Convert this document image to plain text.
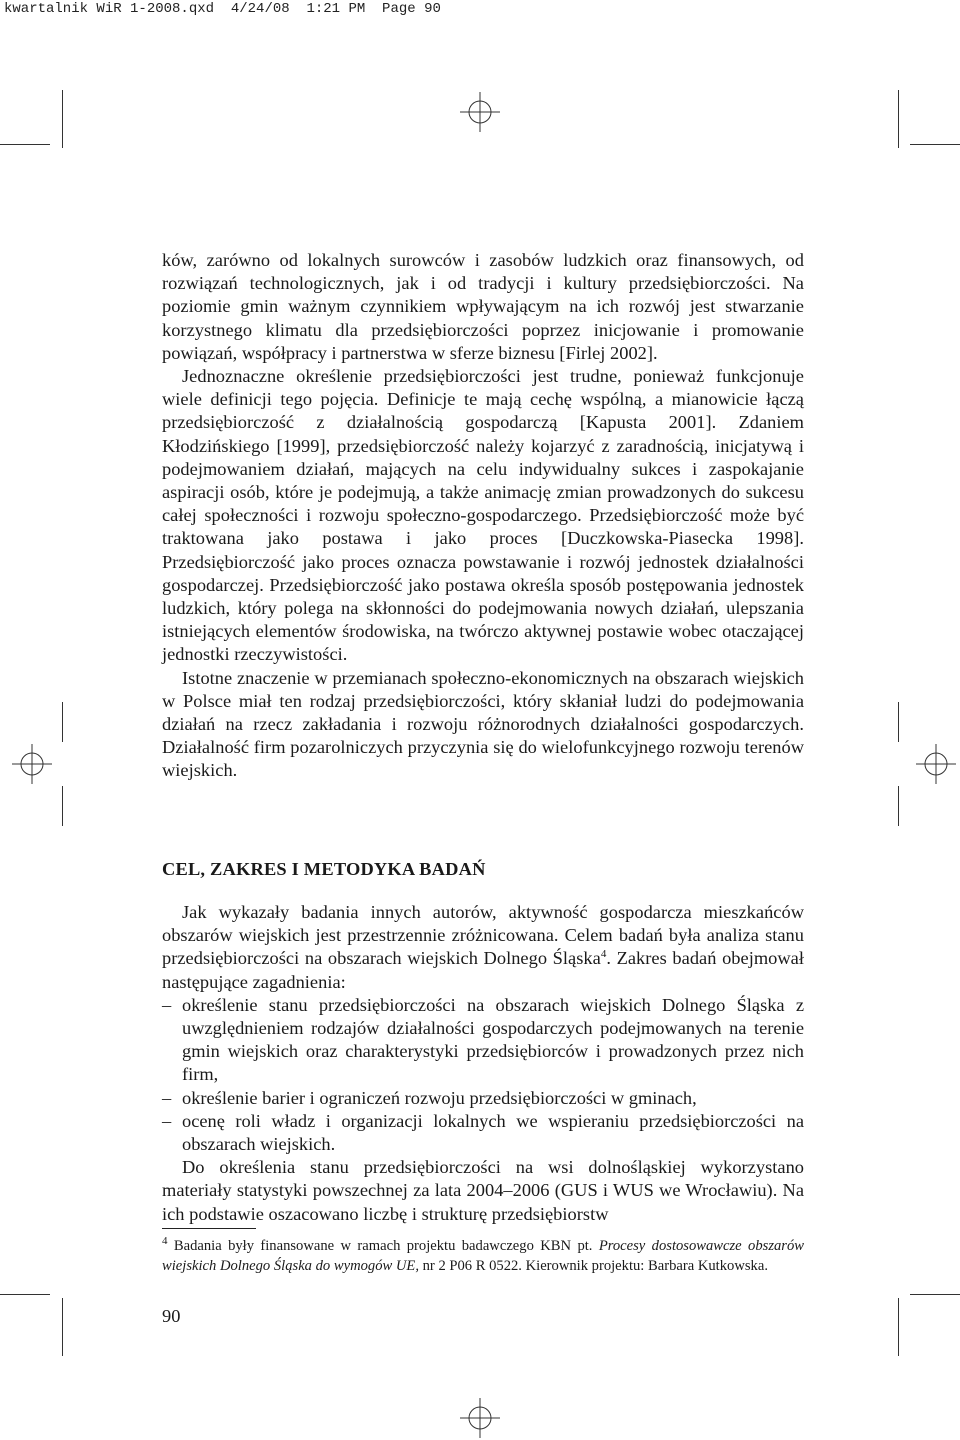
kwartalnik WiR 1-2008.qxd  4/24/08  1:21 PM  Page 90

ków, zarówno od lokalnych surowców i zasobów ludzkich oraz finansowych, od rozwiązań technologicznych, jak i od tradycji i kultury przedsiębiorczości. Na poziomie gmin ważnym czynnikiem wpływającym na ich rozwój jest stwarzanie korzystnego klimatu dla przedsiębiorczości poprzez inicjowanie i promowanie powiązań, współpracy i partnerstwa w sferze biznesu [Firlej 2002].

Jednoznaczne określenie przedsiębiorczości jest trudne, ponieważ funkcjonuje wiele definicji tego pojęcia. Definicje te mają cechę wspólną, a mianowicie łączą przedsiębiorczość z działalnością gospodarczą [Kapusta 2001]. Zdaniem Kłodzińskiego [1999], przedsiębiorczość należy kojarzyć z zaradnością, inicjatywą i podejmowaniem działań, mających na celu indywidualny sukces i zaspokajanie aspiracji osób, które je podejmują, a także animację zmian prowadzonych do sukcesu całej społeczności i rozwoju społeczno-gospodarczego. Przedsiębiorczość może być traktowana jako postawa i jako proces [Duczkowska-Piasecka 1998]. Przedsiębiorczość jako proces oznacza powstawanie i rozwój jednostek działalności gospodarczej. Przedsiębiorczość jako postawa określa sposób postępowania jednostek ludzkich, który polega na skłonności do podejmowania nowych działań, ulepszania istniejących elementów środowiska, na twórczo aktywnej postawie wobec otaczającej jednostki rzeczywistości.

Istotne znaczenie w przemianach społeczno-ekonomicznych na obszarach wiejskich w Polsce miał ten rodzaj przedsiębiorczości, który skłaniał ludzi do podejmowania działań na rzecz zakładania i rozwoju różnorodnych działalności gospodarczych. Działalność firm pozarolniczych przyczynia się do wielofunkcyjnego rozwoju terenów wiejskich.

CEL, ZAKRES I METODYKA BADAŃ

Jak wykazały badania innych autorów, aktywność gospodarcza mieszkańców obszarów wiejskich jest przestrzennie zróżnicowana. Celem badań była analiza stanu przedsiębiorczości na obszarach wiejskich Dolnego Śląska$^4$. Zakres badań obejmował następujące zagadnienia:

– określenie stanu przedsiębiorczości na obszarach wiejskich Dolnego Śląska z uwzględnieniem rodzajów działalności gospodarczych podejmowanych na terenie gmin wiejskich oraz charakterystyki przedsiębiorców i prowadzonych przez nich firm,
– określenie barier i ograniczeń rozwoju przedsiębiorczości w gminach,
– ocenę roli władz i organizacji lokalnych we wspieraniu przedsiębiorczości na obszarach wiejskich.

Do określenia stanu przedsiębiorczości na wsi dolnośląskiej wykorzystano materiały statystyki powszechnej za lata 2004–2006 (GUS i WUS we Wrocławiu). Na ich podstawie oszacowano liczbę i strukturę przedsiębiorstw

$^4$ Badania były finansowane w ramach projektu badawczego KBN pt. Procesy dostosowawcze obszarów wiejskich Dolnego Śląska do wymogów UE, nr 2 P06 R 0522. Kierownik projektu: Barbara Kutkowska.
90
